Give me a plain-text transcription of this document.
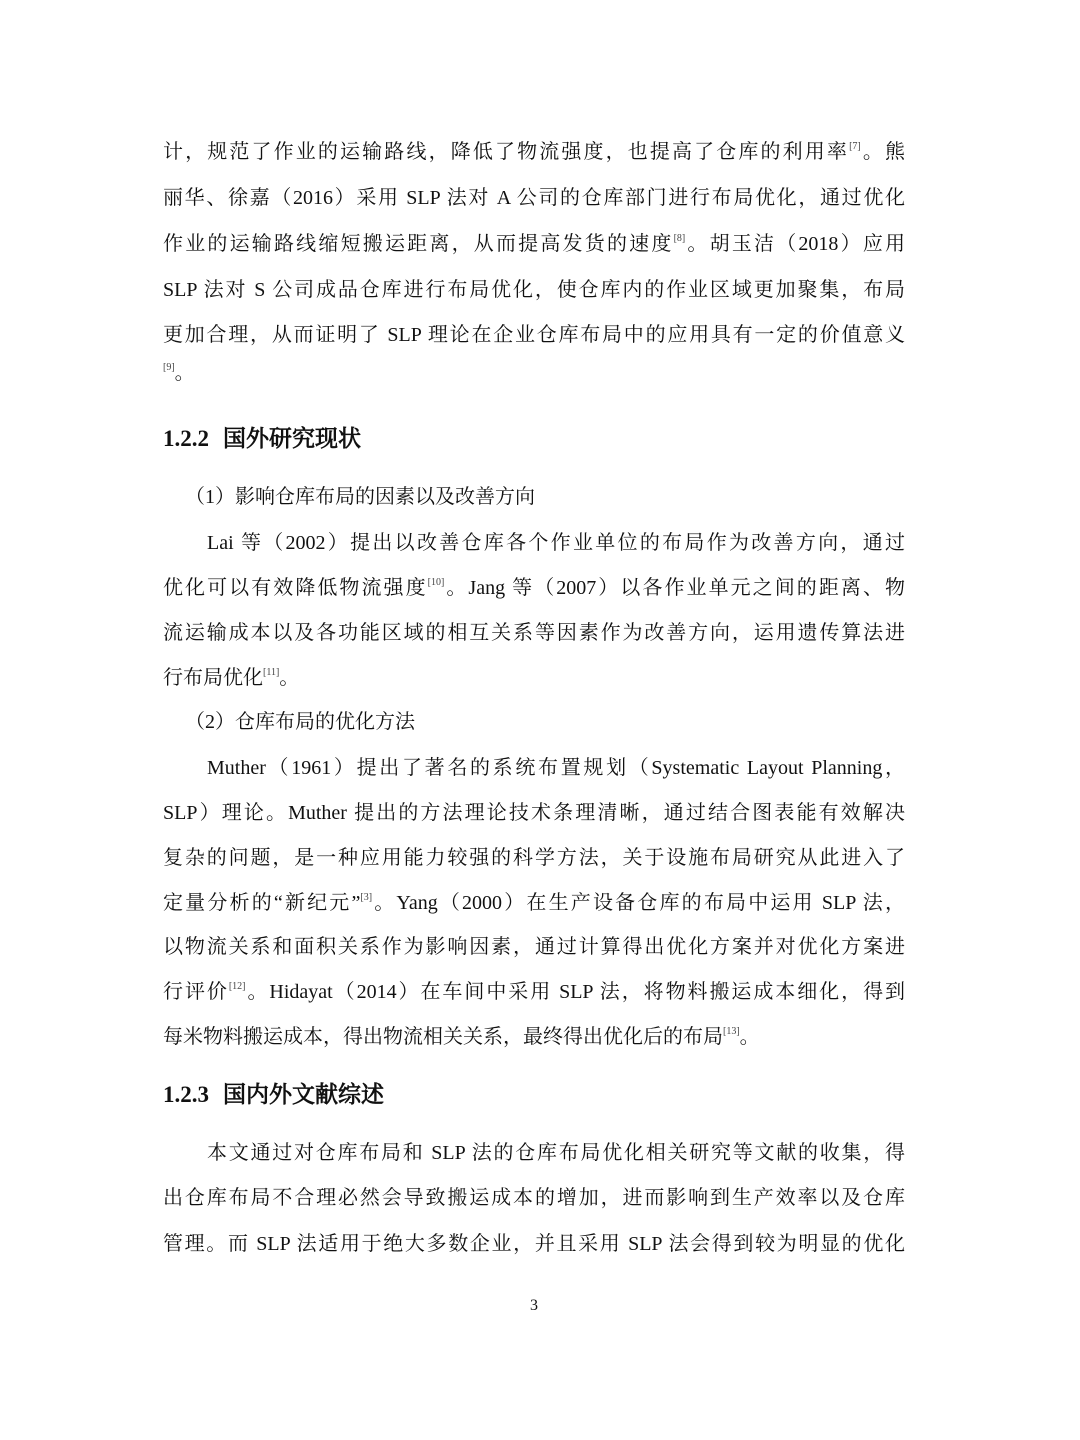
计，规范了作业的运输路线，降低了物流强度，也提高了仓库的利用率[7]。熊
丽华、徐嘉（2016）采用 SLP 法对 A 公司的仓库部门进行布局优化，通过优化
作业的运输路线缩短搬运距离，从而提高发货的速度[8]。胡玉洁（2018）应用
SLP 法对 S 公司成品仓库进行布局优化，使仓库内的作业区域更加聚集，布局
更加合理，从而证明了 SLP 理论在企业仓库布局中的应用具有一定的价值意义
[9]。
1.2.2 国外研究现状
（1）影响仓库布局的因素以及改善方向
Lai 等（2002）提出以改善仓库各个作业单位的布局作为改善方向，通过
优化可以有效降低物流强度[10]。Jang 等（2007）以各作业单元之间的距离、物
流运输成本以及各功能区域的相互关系等因素作为改善方向，运用遗传算法进
行布局优化[11]。
（2）仓库布局的优化方法
Muther（1961）提出了著名的系统布置规划（Systematic Layout Planning，
SLP）理论。Muther 提出的方法理论技术条理清晰，通过结合图表能有效解决
复杂的问题，是一种应用能力较强的科学方法，关于设施布局研究从此进入了
定量分析的“新纪元”[3]。Yang（2000）在生产设备仓库的布局中运用 SLP 法，
以物流关系和面积关系作为影响因素，通过计算得出优化方案并对优化方案进
行评价[12]。Hidayat（2014）在车间中采用 SLP 法，将物料搬运成本细化，得到
每米物料搬运成本，得出物流相关关系，最终得出优化后的布局[13]。
1.2.3 国内外文献综述
本文通过对仓库布局和 SLP 法的仓库布局优化相关研究等文献的收集，得
出仓库布局不合理必然会导致搬运成本的增加，进而影响到生产效率以及仓库
管理。而 SLP 法适用于绝大多数企业，并且采用 SLP 法会得到较为明显的优化
3
